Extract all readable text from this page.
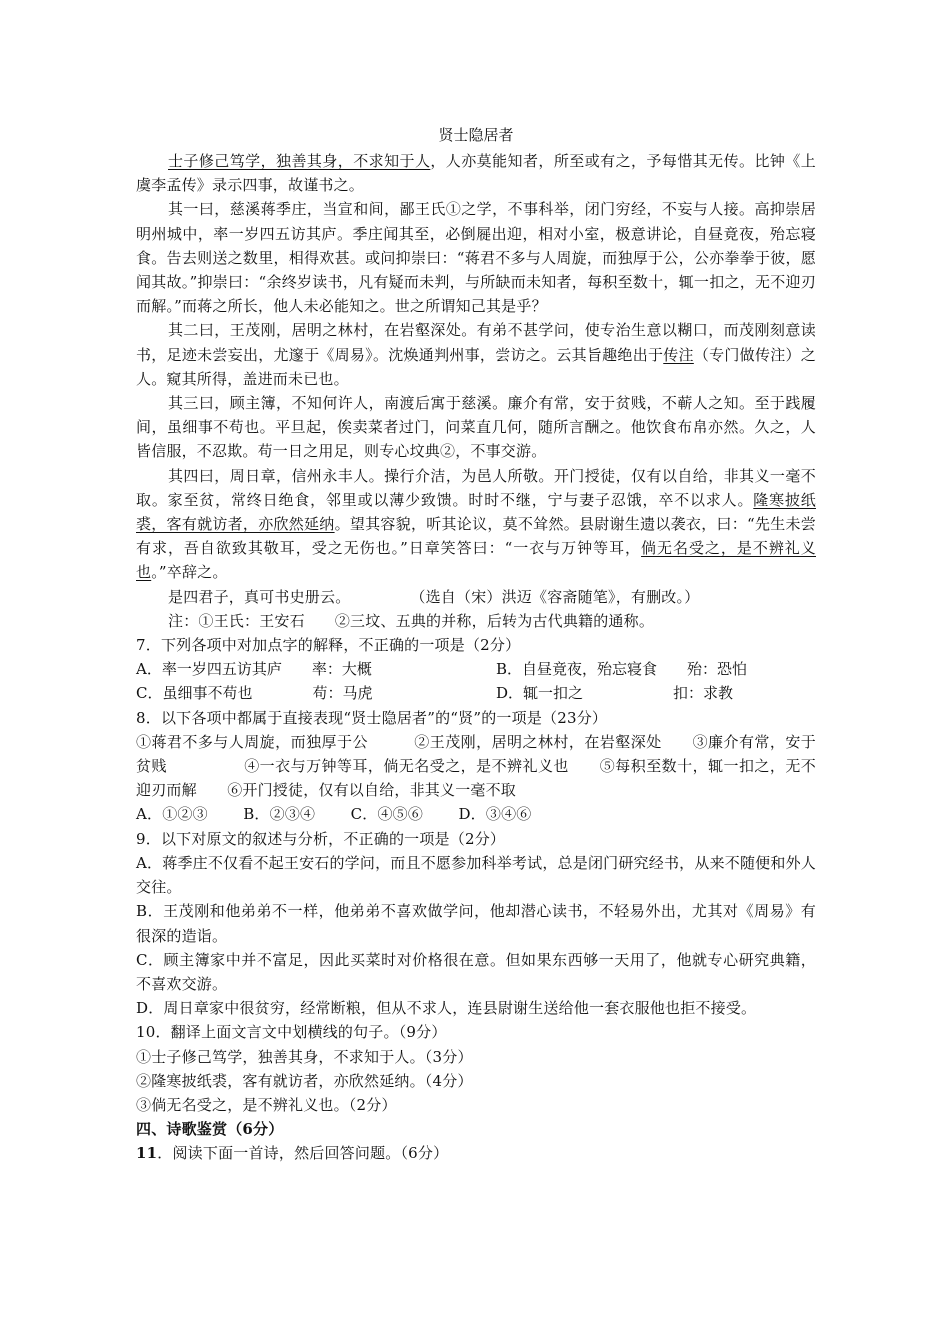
贤士隐居者

士子修己笃学，独善其身，不求知于人，人亦莫能知者，所至或有之，予每惜其无传。比钟《上虞李孟传》录示四事，故谨书之。

其一曰，慈溪蒋季庄，当宣和间，鄙王氏①之学，不事科举，闭门穷经，不妄与人接。高抑崇居明州城中，率一岁四五访其庐。季庄闻其至，必倒屣出迎，相对小室，极意讲论，自昼竟夜，殆忘寝食。告去则送之数里，相得欢甚。或问抑崇曰：“蒋君不多与人周旋，而独厚于公，公亦拳拳于彼，愿闻其故。”抑崇曰：“余终岁读书，凡有疑而未判，与所缺而未知者，每积至数十，辄一扣之，无不迎刃而解。”而蒋之所长，他人未必能知之。世之所谓知己其是乎？

其二曰，王茂刚，居明之林村，在岩壑深处。有弟不甚学问，使专治生意以糊口，而茂刚刻意读书，足迹未尝妄出，尤邃于《周易》。沈焕通判州事，尝访之。云其旨趣绝出于传注（专门做传注）之人。窥其所得，盖进而未已也。

其三曰，顾主簿，不知何许人，南渡后寓于慈溪。廉介有常，安于贫贱，不蕲人之知。至于践履间，虽细事不苟也。平旦起，俟卖菜者过门，问菜直几何，随所言酬之。他饮食布帛亦然。久之，人皆信服，不忍欺。苟一日之用足，则专心坟典②，不事交游。

其四曰，周日章，信州永丰人。操行介洁，为邑人所敬。开门授徒，仅有以自给，非其义一毫不取。家至贫，常终日绝食，邻里或以薄少致馈。时时不继，宁与妻子忍饿，卒不以求人。隆寒披纸裘，客有就访者，亦欣然延纳。望其容貌，听其论议，莫不耸然。县尉谢生遗以袭衣，曰：“先生未尝有求，吾自欲致其敬耳，受之无伤也。”日章笑答曰：“一衣与万钟等耳，倘无名受之，是不辨礼义也。”卒辞之。

是四君子，真可书史册云。	（选自（宋）洪迈《容斋随笔》，有删改。）

注：①王氏：王安石 ②三坟、五典的并称，后转为古代典籍的通称。

7．下列各项中对加点字的解释，不正确的一项是（2分）

A．率一岁四五访其庐　　率：大概	B．自昼竟夜，殆忘寝食　　殆：恐怕
C．虽细事不苟也　　　　苟：马虎	D．辄一扣之　　　　　　扣：求教

8．以下各项中都属于直接表现“贤士隐居者”的“贤”的一项是（23分）

①蒋君不多与人周旋，而独厚于公　　　②王茂刚，居明之林村，在岩壑深处　　③廉介有常，安于贫贱　　　　　④一衣与万钟等耳，倘无名受之，是不辨礼义也　　⑤每积至数十，辄一扣之，无不迎刃而解　　⑥开门授徒，仅有以自给，非其义一毫不取

A．①②③　　 B．②③④　　 C．④⑤⑥　　 D．③④⑥

9．以下对原文的叙述与分析，不正确的一项是（2分）

A．蒋季庄不仅看不起王安石的学问，而且不愿参加科举考试，总是闭门研究经书，从来不随便和外人交往。

B．王茂刚和他弟弟不一样，他弟弟不喜欢做学问，他却潜心读书，不轻易外出，尤其对《周易》有很深的造诣。

C．顾主簿家中并不富足，因此买菜时对价格很在意。但如果东西够一天用了，他就专心研究典籍，不喜欢交游。

D．周日章家中很贫穷，经常断粮，但从不求人，连县尉谢生送给他一套衣服他也拒不接受。

10．翻译上面文言文中划横线的句子。（9分）

①士子修己笃学，独善其身，不求知于人。（3分）

②隆寒披纸裘，客有就访者，亦欣然延纳。（4分）

③倘无名受之，是不辨礼义也。（2分）

四、诗歌鉴赏（6分）

11．阅读下面一首诗，然后回答问题。（6分）
